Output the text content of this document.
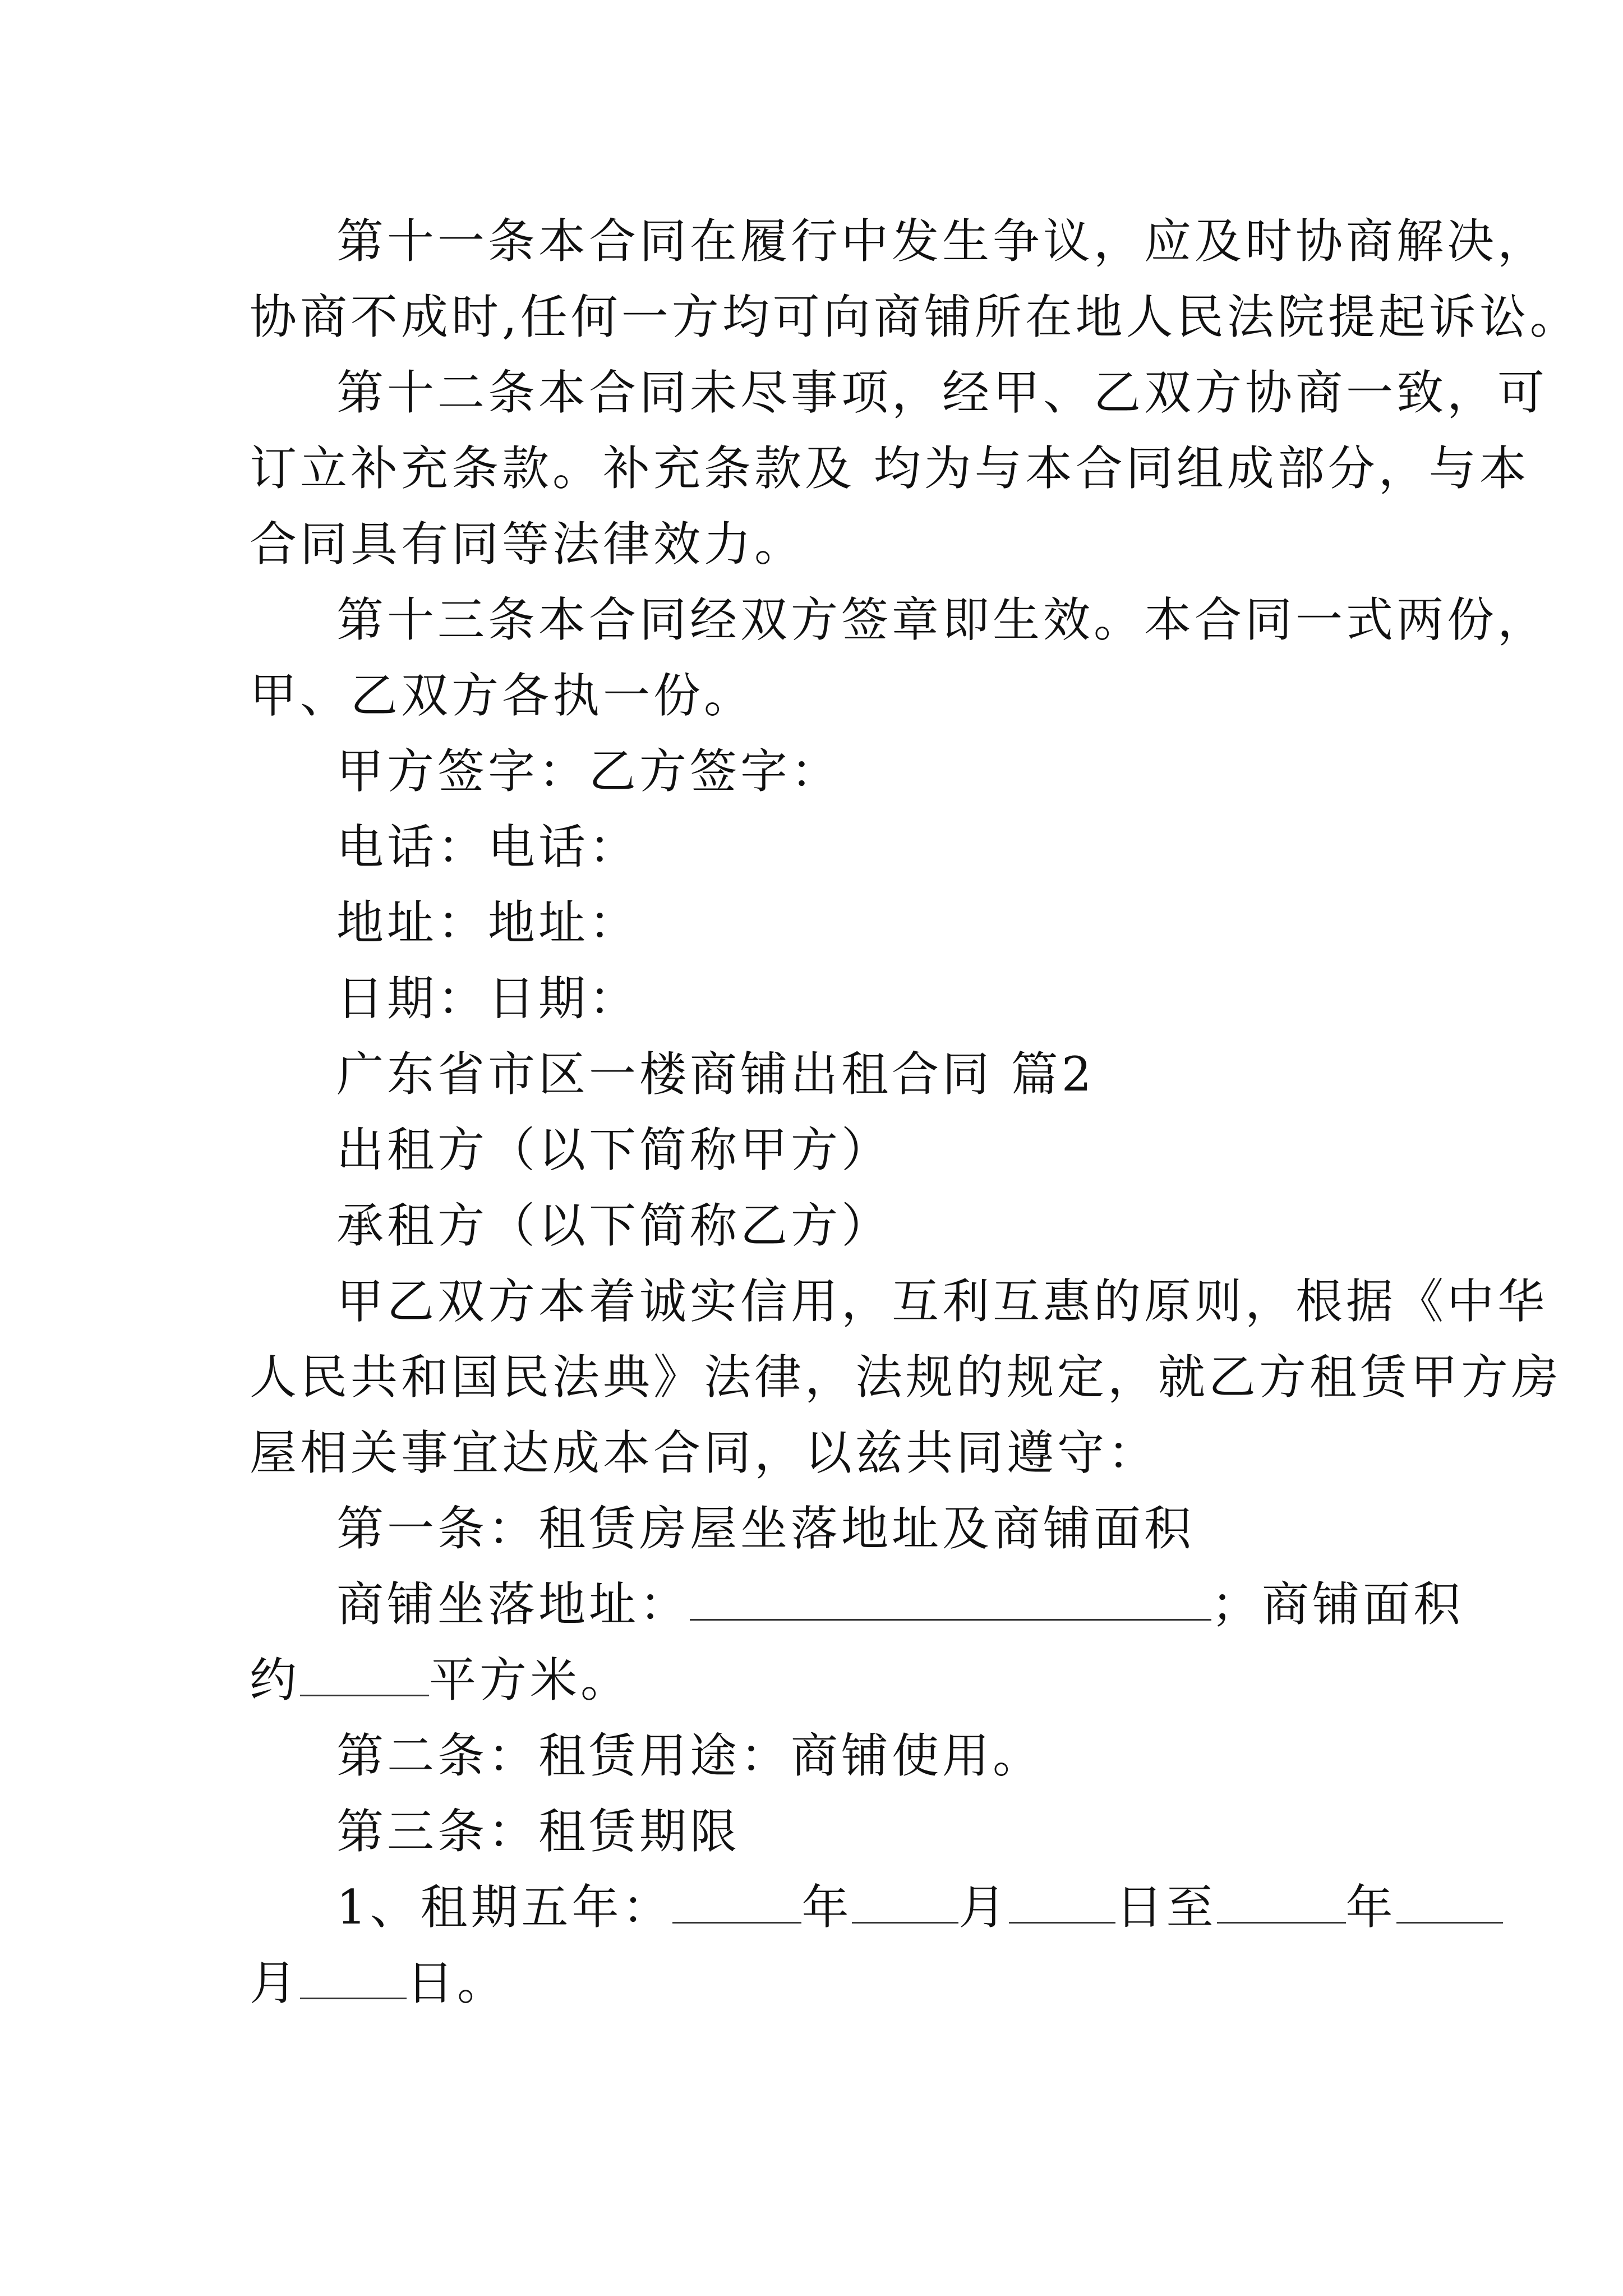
第十一条本合同在履行中发生争议，应及时协商解决，
协商不成时,任何一方均可向商铺所在地人民法院提起诉讼。
第十二条本合同未尽事项，经甲、乙双方协商一致，可
订立补充条款。补充条款及 均为与本合同组成部分，与本
合同具有同等法律效力。
第十三条本合同经双方签章即生效。本合同一式两份，
甲、乙双方各执一份。
甲方签字：乙方签字：
电话：电话：
地址：地址：
日期：日期：
广东省市区一楼商铺出租合同 篇2
出租方（以下简称甲方）
承租方（以下简称乙方）
甲乙双方本着诚实信用，互利互惠的原则，根据《中华
人民共和国民法典》法律，法规的规定，就乙方租赁甲方房
屋相关事宜达成本合同，以兹共同遵守：
第一条：租赁房屋坐落地址及商铺面积
商铺坐落地址：	；商铺面积
约	平方米。
第二条：租赁用途：商铺使用。
第三条：租赁期限
1、租期五年：	年 月 日至	年
月 日。
